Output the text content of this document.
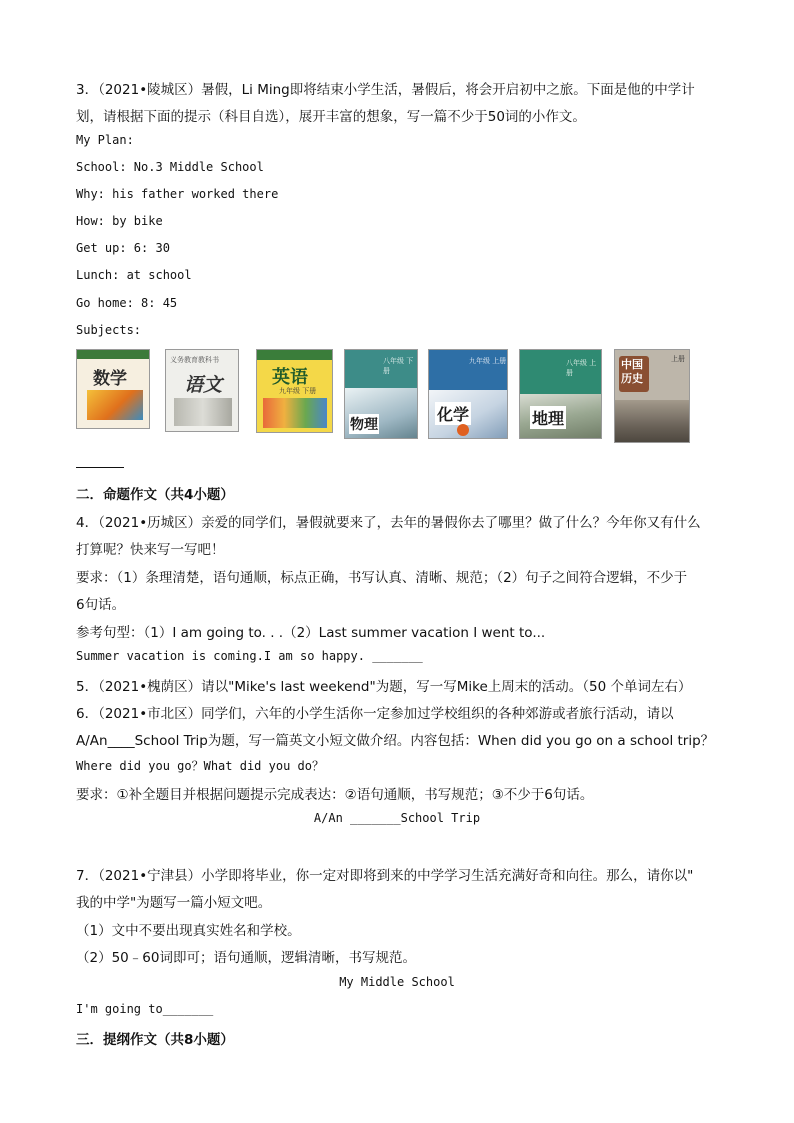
3．（2021•陵城区）暑假，Li Ming即将结束小学生活，暑假后，将会开启初中之旅。下面是他的中学计
划，请根据下面的提示（科目自选），展开丰富的想象，写一篇不少于50词的小作文。
My Plan:
School: No.3 Middle School
Why: his father worked there
How: by bike
Get up: 6: 30
Lunch: at school
Go home: 8: 45
Subjects:
数学
义务教育教科书
语文	英语
九年级 下册
八年级 下册
物理
九年级 上册
化学
八年级 上册
地理
上册
中国历史
二．命题作文（共4小题）
4．（2021•历城区）亲爱的同学们，暑假就要来了，去年的暑假你去了哪里？做了什么？今年你又有什么
打算呢？快来写一写吧！
要求：（1）条理清楚，语句通顺，标点正确，书写认真、清晰、规范；（2）句子之间符合逻辑，不少于
6句话。
参考句型：（1）I am going to. . .（2）Last summer vacation I went to...
Summer vacation is coming.I am so happy. _______
5．（2021•槐荫区）请以"Mike's last weekend"为题，写一写Mike上周末的活动。（50 个单词左右）
6．（2021•市北区）同学们，六年的小学生活你一定参加过学校组织的各种郊游或者旅行活动，请以
A/An____School Trip为题，写一篇英文小短文做介绍。内容包括：When did you go on a school trip？
Where did you go？What did you do？
要求：①补全题目并根据问题提示完成表达：②语句通顺，书写规范；③不少于6句话。
A/An _______School Trip
7．（2021•宁津县）小学即将毕业，你一定对即将到来的中学学习生活充满好奇和向往。那么，请你以"
我的中学"为题写一篇小短文吧。
（1）文中不要出现真实姓名和学校。
（2）50﹣60词即可；语句通顺，逻辑清晰，书写规范。
My Middle School
I'm going to_______
三．提纲作文（共8小题）
